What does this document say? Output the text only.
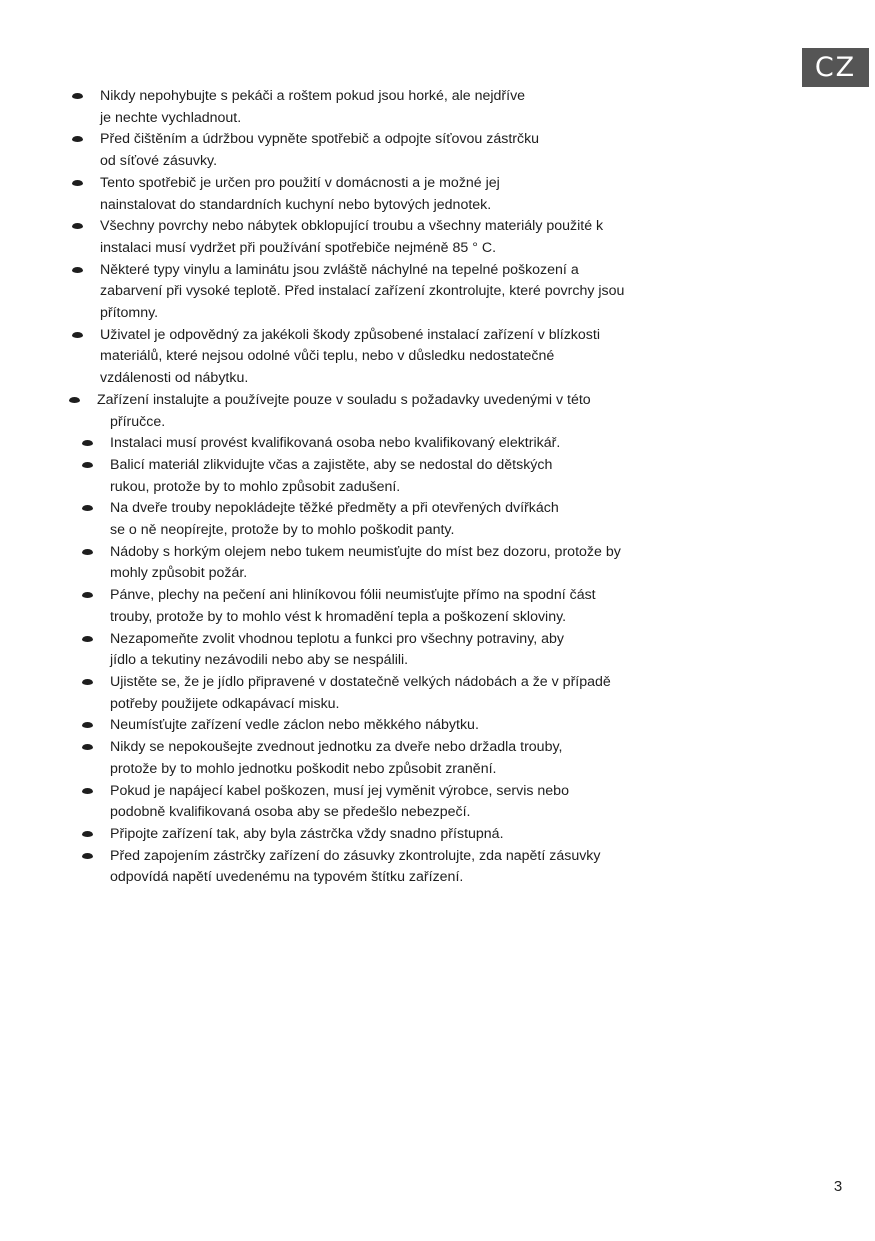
CZ
Nikdy nepohybujte s pekáči a roštem pokud jsou horké, ale nejdříve
je nechte vychladnout.
Před čištěním a údržbou vypněte spotřebič a odpojte síťovou zástrčku
od síťové zásuvky.
Tento spotřebič je určen pro použití v domácnosti a je možné jej
nainstalovat do standardních kuchyní nebo bytových jednotek.
Všechny povrchy nebo nábytek obklopující troubu a všechny materiály použité k
instalaci musí vydržet při používání spotřebiče nejméně 85 ° C.
Některé typy vinylu a laminátu jsou zvláště náchylné na tepelné poškození a
zabarvení při vysoké teplotě. Před instalací zařízení zkontrolujte, které povrchy jsou
přítomny.
Uživatel je odpovědný za jakékoli škody způsobené instalací zařízení v blízkosti
materiálů, které nejsou odolné vůči teplu, nebo v důsledku nedostatečné
vzdálenosti od nábytku.
Zařízení instalujte a používejte pouze v souladu s požadavky uvedenými v této
příručce.
Instalaci musí provést kvalifikovaná osoba nebo kvalifikovaný elektrikář.
Balicí materiál zlikvidujte včas a zajistěte, aby se nedostal do dětských
rukou, protože by to mohlo způsobit zadušení.
Na dveře trouby nepokládejte těžké předměty a při otevřených dvířkách
se o ně neopírejte, protože by to mohlo poškodit panty.
Nádoby s horkým olejem nebo tukem neumisťujte do míst bez dozoru, protože by
mohly způsobit požár.
Pánve, plechy na pečení ani hliníkovou fólii neumisťujte přímo na spodní část
trouby, protože by to mohlo vést k hromadění tepla a poškození skloviny.
Nezapomeňte zvolit vhodnou teplotu a funkci pro všechny potraviny, aby
jídlo a tekutiny nezávodili nebo aby se nespálili.
Ujistěte se, že je jídlo připravené v dostatečně velkých nádobách a že v případě
potřeby použijete odkapávací misku.
Neumísťujte zařízení vedle záclon nebo měkkého nábytku.
Nikdy se nepokoušejte zvednout jednotku za dveře nebo držadla trouby,
protože by to mohlo jednotku poškodit nebo způsobit zranění.
Pokud je napájecí kabel poškozen, musí jej vyměnit výrobce, servis nebo
podobně kvalifikovaná osoba aby se předešlo nebezpečí.
Připojte zařízení tak, aby byla zástrčka vždy snadno přístupná.
Před zapojením zástrčky zařízení do zásuvky zkontrolujte, zda napětí zásuvky
odpovídá napětí uvedenému na typovém štítku zařízení.
3
